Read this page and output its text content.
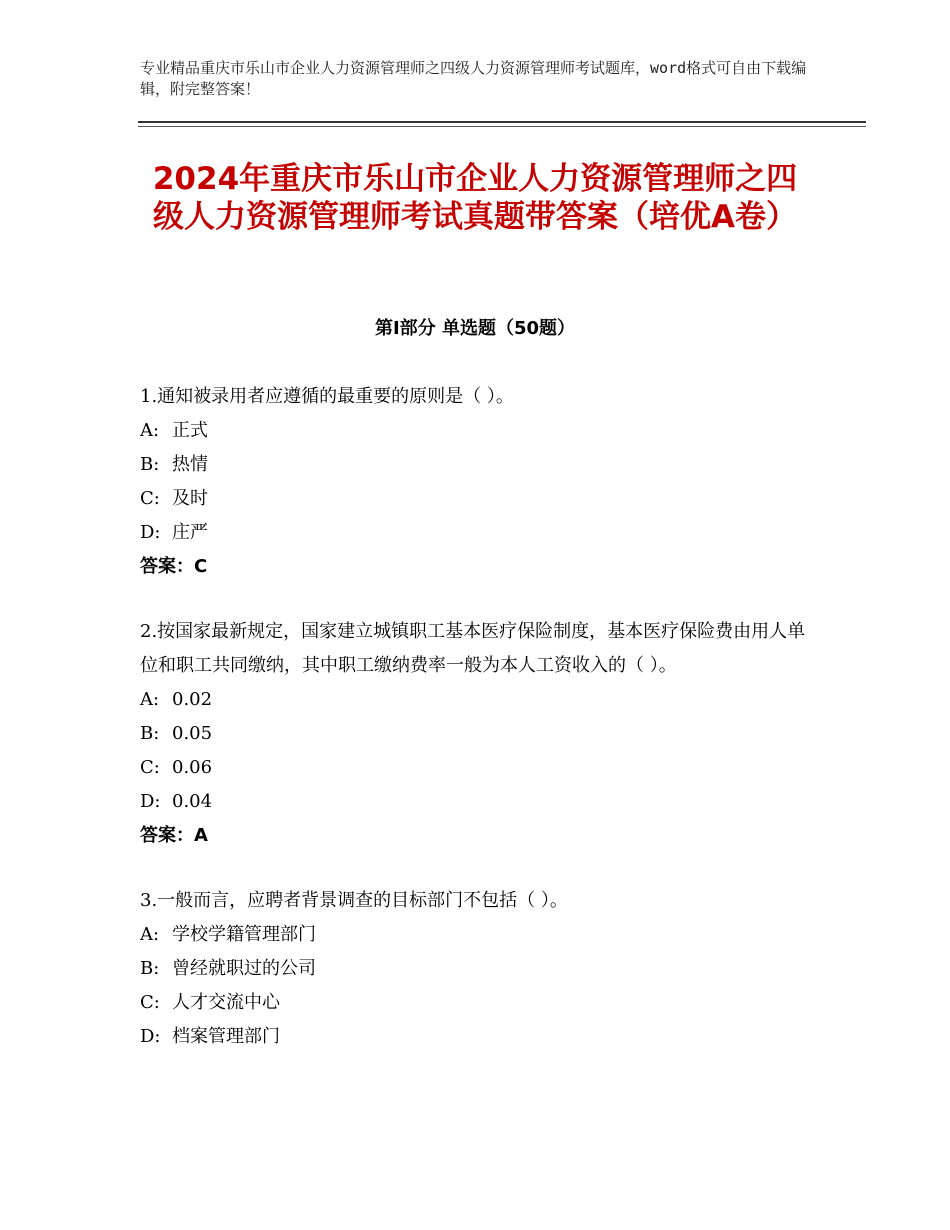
专业精品重庆市乐山市企业人力资源管理师之四级人力资源管理师考试题库，word格式可自由下载编辑，附完整答案！
2024年重庆市乐山市企业人力资源管理师之四级人力资源管理师考试真题带答案（培优A卷）
第Ⅰ部分 单选题（50题）

1.通知被录用者应遵循的最重要的原则是（ ）。

A: 正式

B: 热情

C: 及时

D: 庄严

答案：C

2.按国家最新规定，国家建立城镇职工基本医疗保险制度，基本医疗保险费由用人单位和职工共同缴纳，其中职工缴纳费率一般为本人工资收入的（ ）。

A: 0.02

B: 0.05

C: 0.06

D: 0.04

答案：A

3.一般而言，应聘者背景调查的目标部门不包括（ ）。

A: 学校学籍管理部门

B: 曾经就职过的公司

C: 人才交流中心

D: 档案管理部门
